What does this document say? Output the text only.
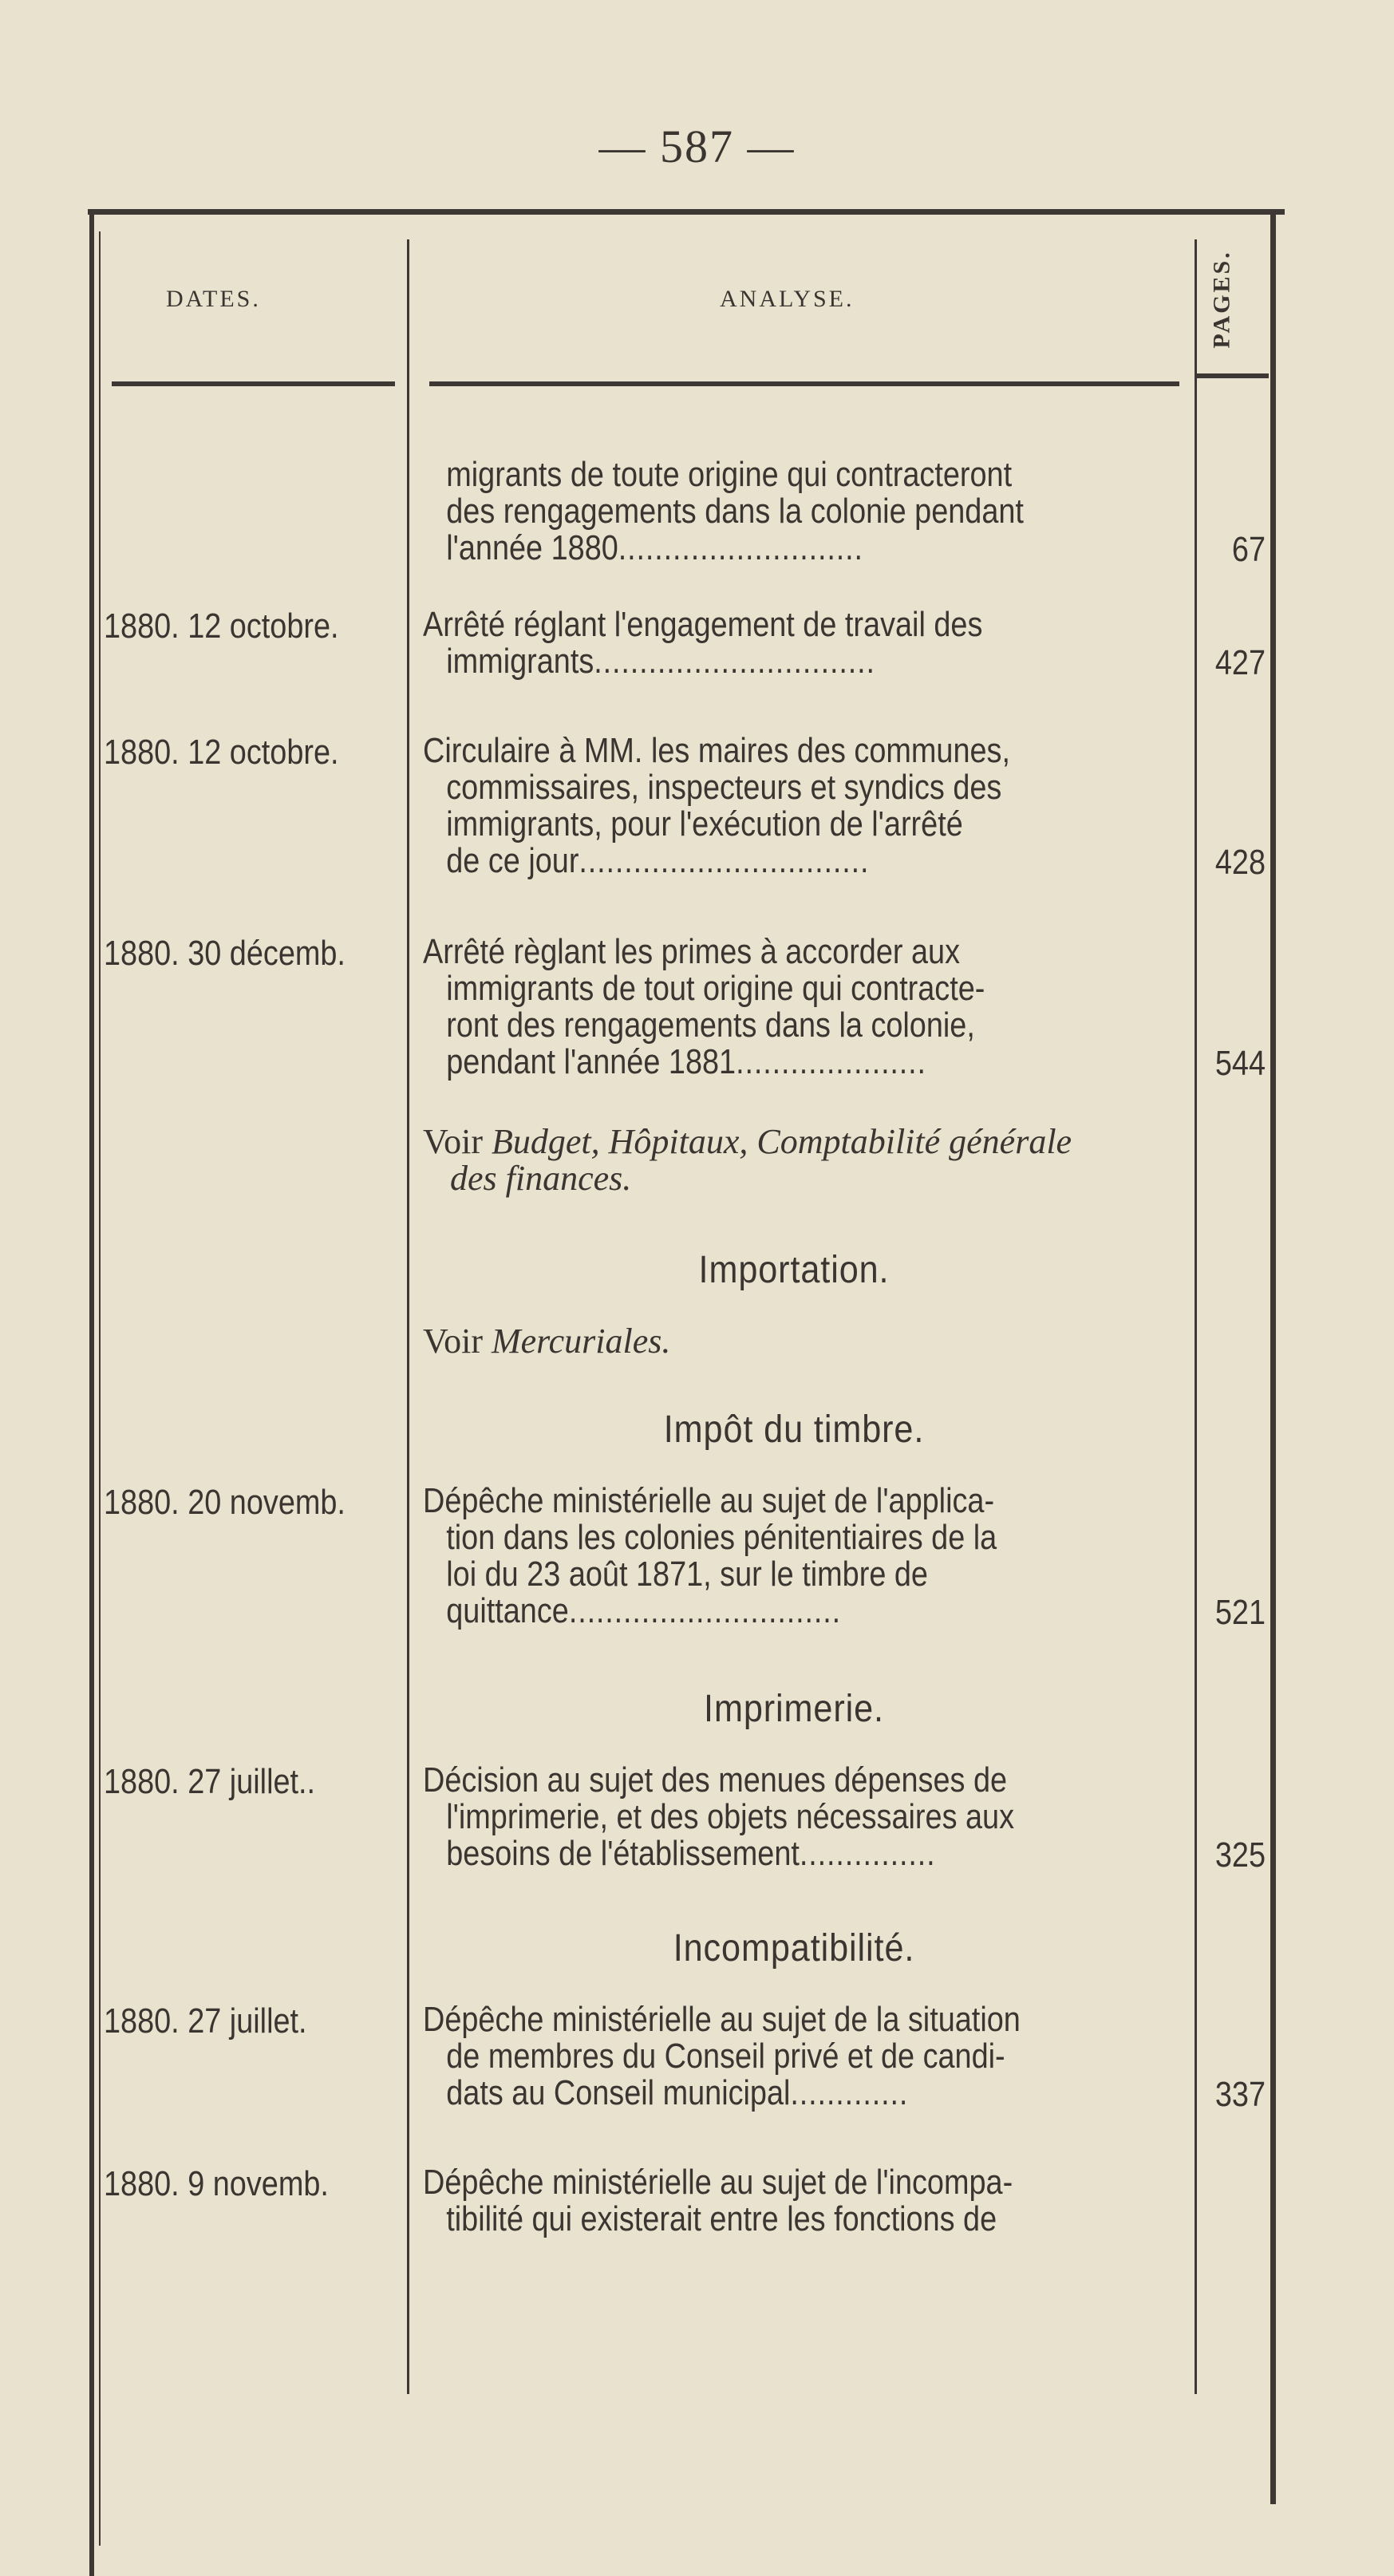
— 587 —
DATES.	ANALYSE.	PAGES.
migrants de toute origine qui contracteront
des rengagements dans la colonie pendant
l'année 1880...........................	67
1880. 12 octobre. Arrêté réglant l'engagement de travail des
immigrants...............................	427
1880. 12 octobre. Circulaire à MM. les maires des communes,
commissaires, inspecteurs et syndics des
immigrants, pour l'exécution de l'arrêté
de ce jour................................	428
1880. 30 décemb. Arrêté règlant les primes à accorder aux
immigrants de tout origine qui contracte-
ront des rengagements dans la colonie,
pendant l'année 1881.....................	544
Voir Budget, Hôpitaux, Comptabilité générale
des finances.
Importation.
Voir Mercuriales.
Impôt du timbre.
1880. 20 novemb. Dépêche ministérielle au sujet de l'applica-
tion dans les colonies pénitentiaires de la
loi du 23 août 1871, sur le timbre de
quittance..............................	521
Imprimerie.
1880. 27 juillet..	Décision au sujet des menues dépenses de
l'imprimerie, et des objets nécessaires aux
besoins de l'établissement...............	325
Incompatibilité.
1880. 27 juillet.	Dépêche ministérielle au sujet de la situation
de membres du Conseil privé et de candi-
dats au Conseil municipal.............	337
1880. 9 novemb.	Dépêche ministérielle au sujet de l'incompa-
tibilité qui existerait entre les fonctions de
